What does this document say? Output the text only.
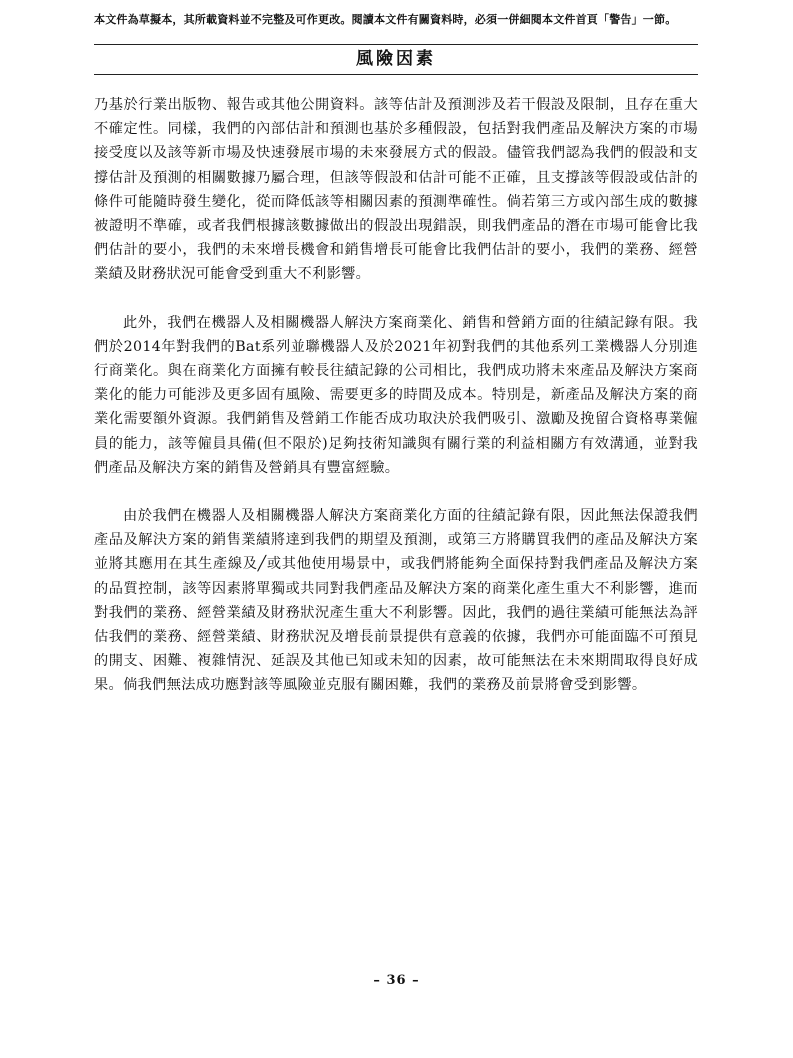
本文件為草擬本，其所載資料並不完整及可作更改。閱讀本文件有關資料時，必須一併細閱本文件首頁「警告」一節。
風險因素

乃基於行業出版物、報告或其他公開資料。該等估計及預測涉及若干假設及限制，且存在重大不確定性。同樣，我們的內部估計和預測也基於多種假設，包括對我們產品及解決方案的市場接受度以及該等新市場及快速發展市場的未來發展方式的假設。儘管我們認為我們的假設和支撐估計及預測的相關數據乃屬合理，但該等假設和估計可能不正確，且支撐該等假設或估計的條件可能隨時發生變化，從而降低該等相關因素的預測準確性。倘若第三方或內部生成的數據被證明不準確，或者我們根據該數據做出的假設出現錯誤，則我們產品的潛在市場可能會比我們估計的要小，我們的未來增長機會和銷售增長可能會比我們估計的要小，我們的業務、經營業績及財務狀況可能會受到重大不利影響。

此外，我們在機器人及相關機器人解決方案商業化、銷售和營銷方面的往績記錄有限。我們於2014年對我們的Bat系列並聯機器人及於2021年初對我們的其他系列工業機器人分別進行商業化。與在商業化方面擁有較長往績記錄的公司相比，我們成功將未來產品及解決方案商業化的能力可能涉及更多固有風險、需要更多的時間及成本。特別是，新產品及解決方案的商業化需要額外資源。我們銷售及營銷工作能否成功取決於我們吸引、激勵及挽留合資格專業僱員的能力，該等僱員具備(但不限於)足夠技術知識與有關行業的利益相關方有效溝通，並對我們產品及解決方案的銷售及營銷具有豐富經驗。

由於我們在機器人及相關機器人解決方案商業化方面的往績記錄有限，因此無法保證我們產品及解決方案的銷售業績將達到我們的期望及預測，或第三方將購買我們的產品及解決方案並將其應用在其生產線及╱或其他使用場景中，或我們將能夠全面保持對我們產品及解決方案的品質控制，該等因素將單獨或共同對我們產品及解決方案的商業化產生重大不利影響，進而對我們的業務、經營業績及財務狀況產生重大不利影響。因此，我們的過往業績可能無法為評估我們的業務、經營業績、財務狀況及增長前景提供有意義的依據，我們亦可能面臨不可預見的開支、困難、複雜情況、延誤及其他已知或未知的因素，故可能無法在未來期間取得良好成果。倘我們無法成功應對該等風險並克服有關困難，我們的業務及前景將會受到影響。

– 36 –
